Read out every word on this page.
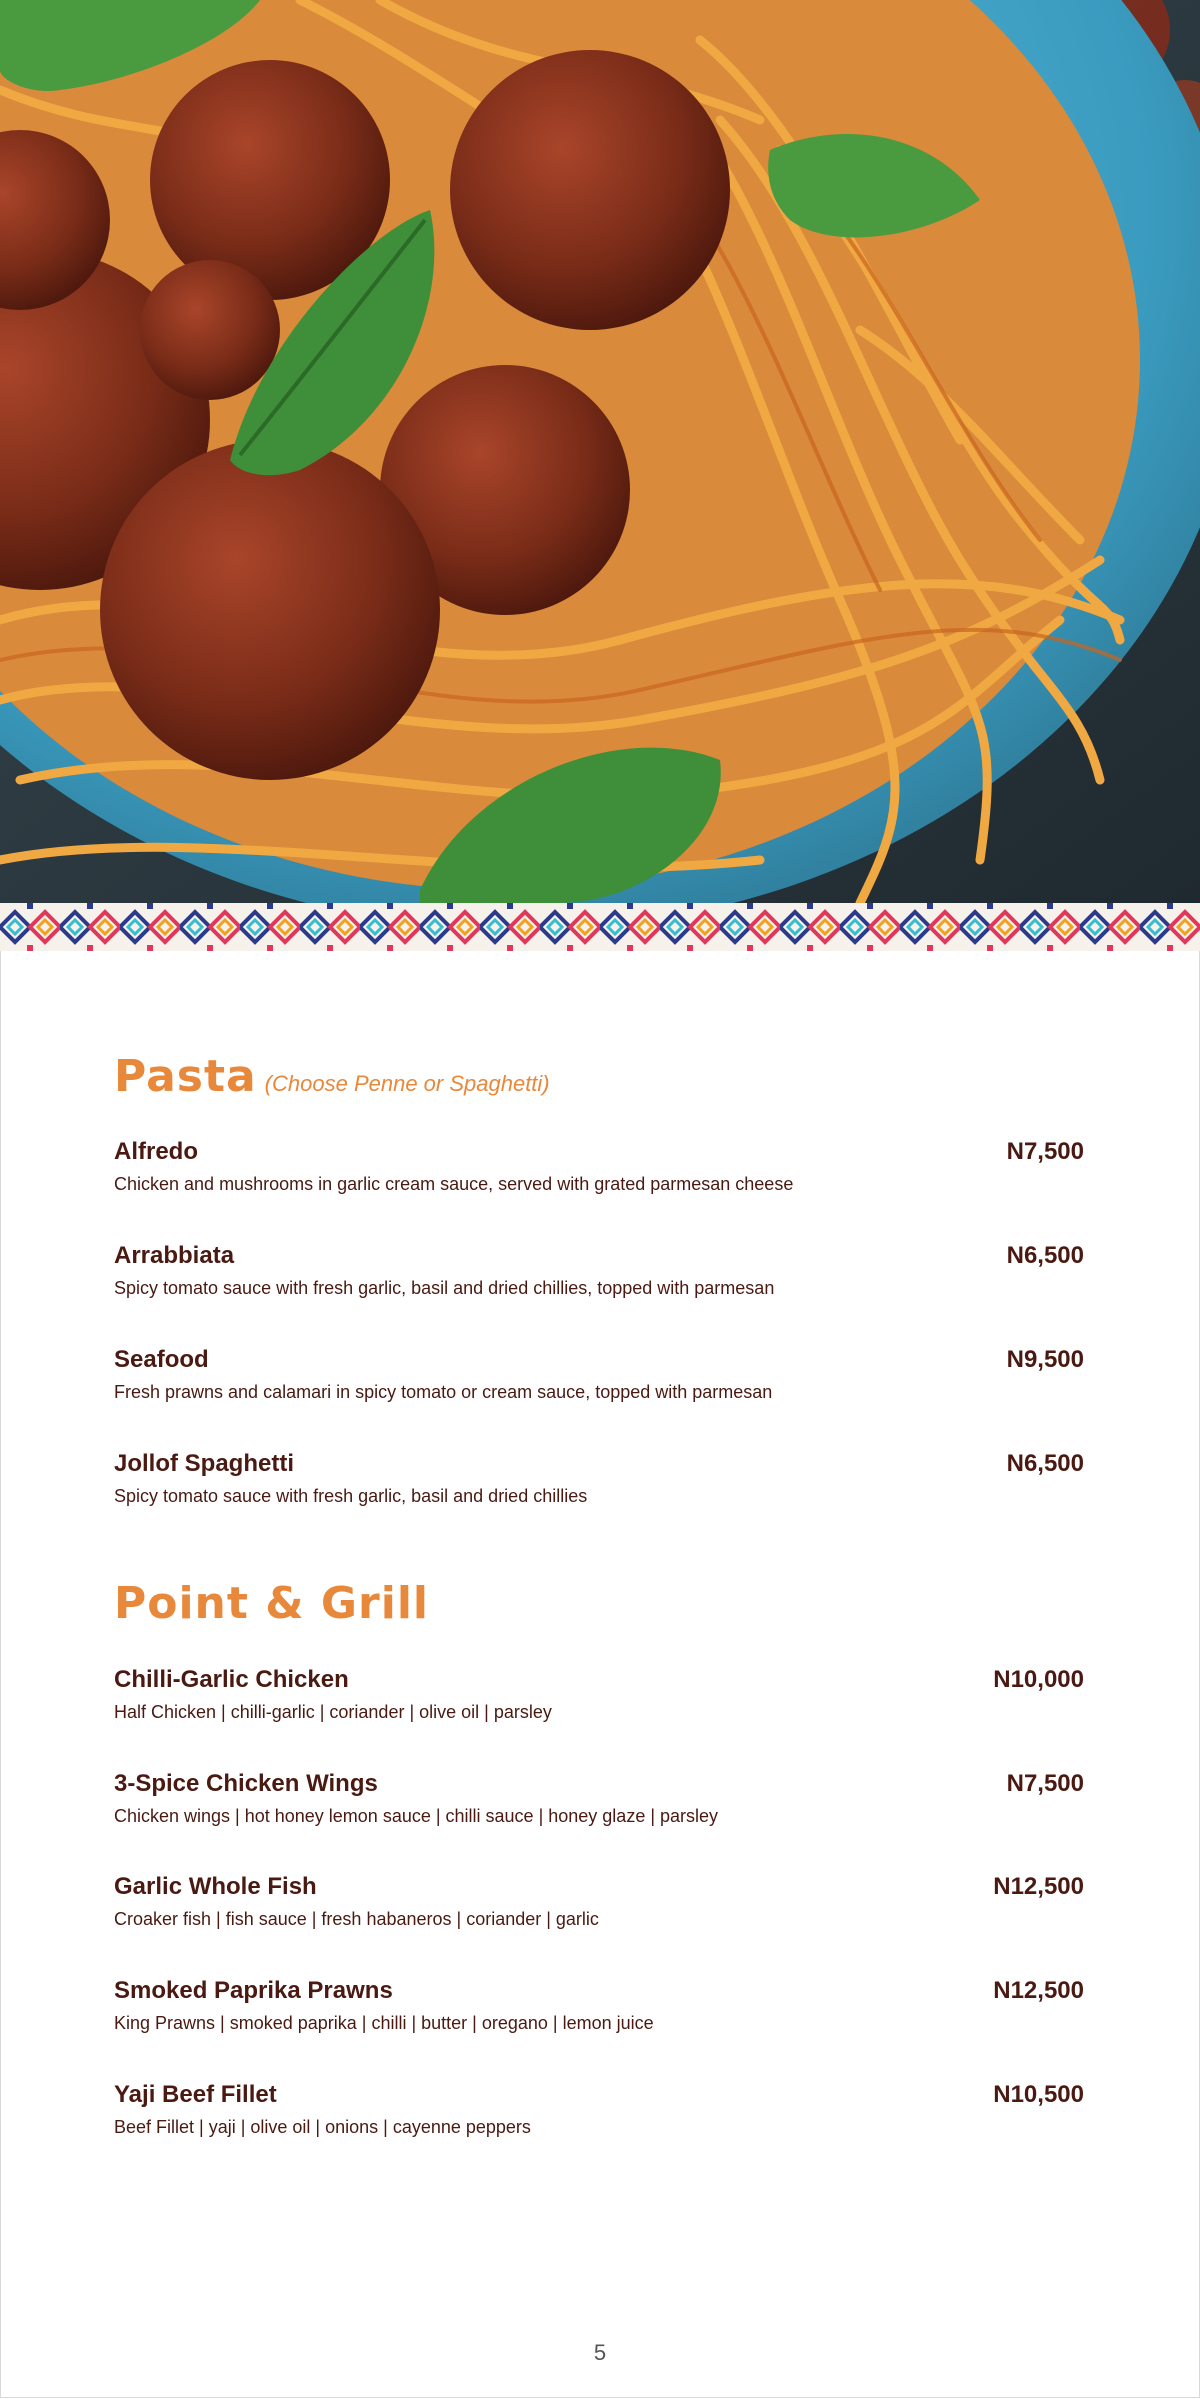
Pasta (Choose Penne or Spaghetti)
Alfredo	N7,500
Chicken and mushrooms in garlic cream sauce, served with grated parmesan cheese
Arrabbiata	N6,500
Spicy tomato sauce with fresh garlic, basil and dried chillies, topped with parmesan
Seafood	N9,500
Fresh prawns and calamari in spicy tomato or cream sauce, topped with parmesan
Jollof Spaghetti	N6,500
Spicy tomato sauce with fresh garlic, basil and dried chillies
Point & Grill
Chilli-Garlic Chicken	N10,000
Half Chicken | chilli-garlic | coriander | olive oil | parsley
3-Spice Chicken Wings	N7,500
Chicken wings | hot honey lemon sauce | chilli sauce | honey glaze | parsley
Garlic Whole Fish	N12,500
Croaker fish | fish sauce | fresh habaneros | coriander | garlic
Smoked Paprika Prawns	N12,500
King Prawns | smoked paprika | chilli | butter | oregano | lemon juice
Yaji Beef Fillet	N10,500
Beef Fillet | yaji | olive oil | onions | cayenne peppers
5
